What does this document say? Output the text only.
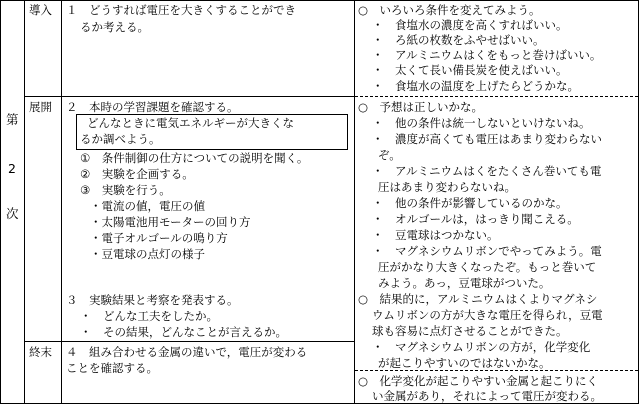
第
2
次
導入
展開
終末
１　どうすれば電圧を大きくすることができ
るか考える。
○　いろいろ条件を変えてみよう。
・　食塩水の濃度を高くすればいい。
・　ろ紙の枚数をふやせばいい。
・　アルミニウムはくをもっと巻けばいい。
・　太くて長い備長炭を使えばいい。
・　食塩水の温度を上げたらどうかな。
２　本時の学習課題を確認する。
どんなときに電気エネルギーが大きくな
るか調べよう。
①　条件制御の仕方についての説明を聞く。
②　実験を企画する。
③　実験を行う。
・電流の値，電圧の値
・太陽電池用モーターの回り方
・電子オルゴールの鳴り方
・豆電球の点灯の様子
３　実験結果と考察を発表する。
・　どんな工夫をしたか。
・　その結果，どんなことが言えるか。
○　予想は正しいかな。
・　他の条件は統一しないといけないね。
・　濃度が高くても電圧はあまり変わらない
ぞ。
・　アルミニウムはくをたくさん巻いても電
圧はあまり変わらないね。
・　他の条件が影響しているのかな。
・　オルゴールは，はっきり聞こえる。
・　豆電球はつかない。
・　マグネシウムリボンでやってみよう。電
圧がかなり大きくなったぞ。もっと巻いて
みよう。あっ，豆電球がついた。
○　結果的に，アルミニウムはくよりマグネシ
ウムリボンの方が大きな電圧を得られ，豆電
球も容易に点灯させることができた。
・　マグネシウムリボンの方が，化学変化
が起こりやすいのではないかな。
４　組み合わせる金属の違いで，電圧が変わる
ことを確認する。
○　化学変化が起こりやすい金属と起こりにく
い金属があり，それによって電圧が変わる。
